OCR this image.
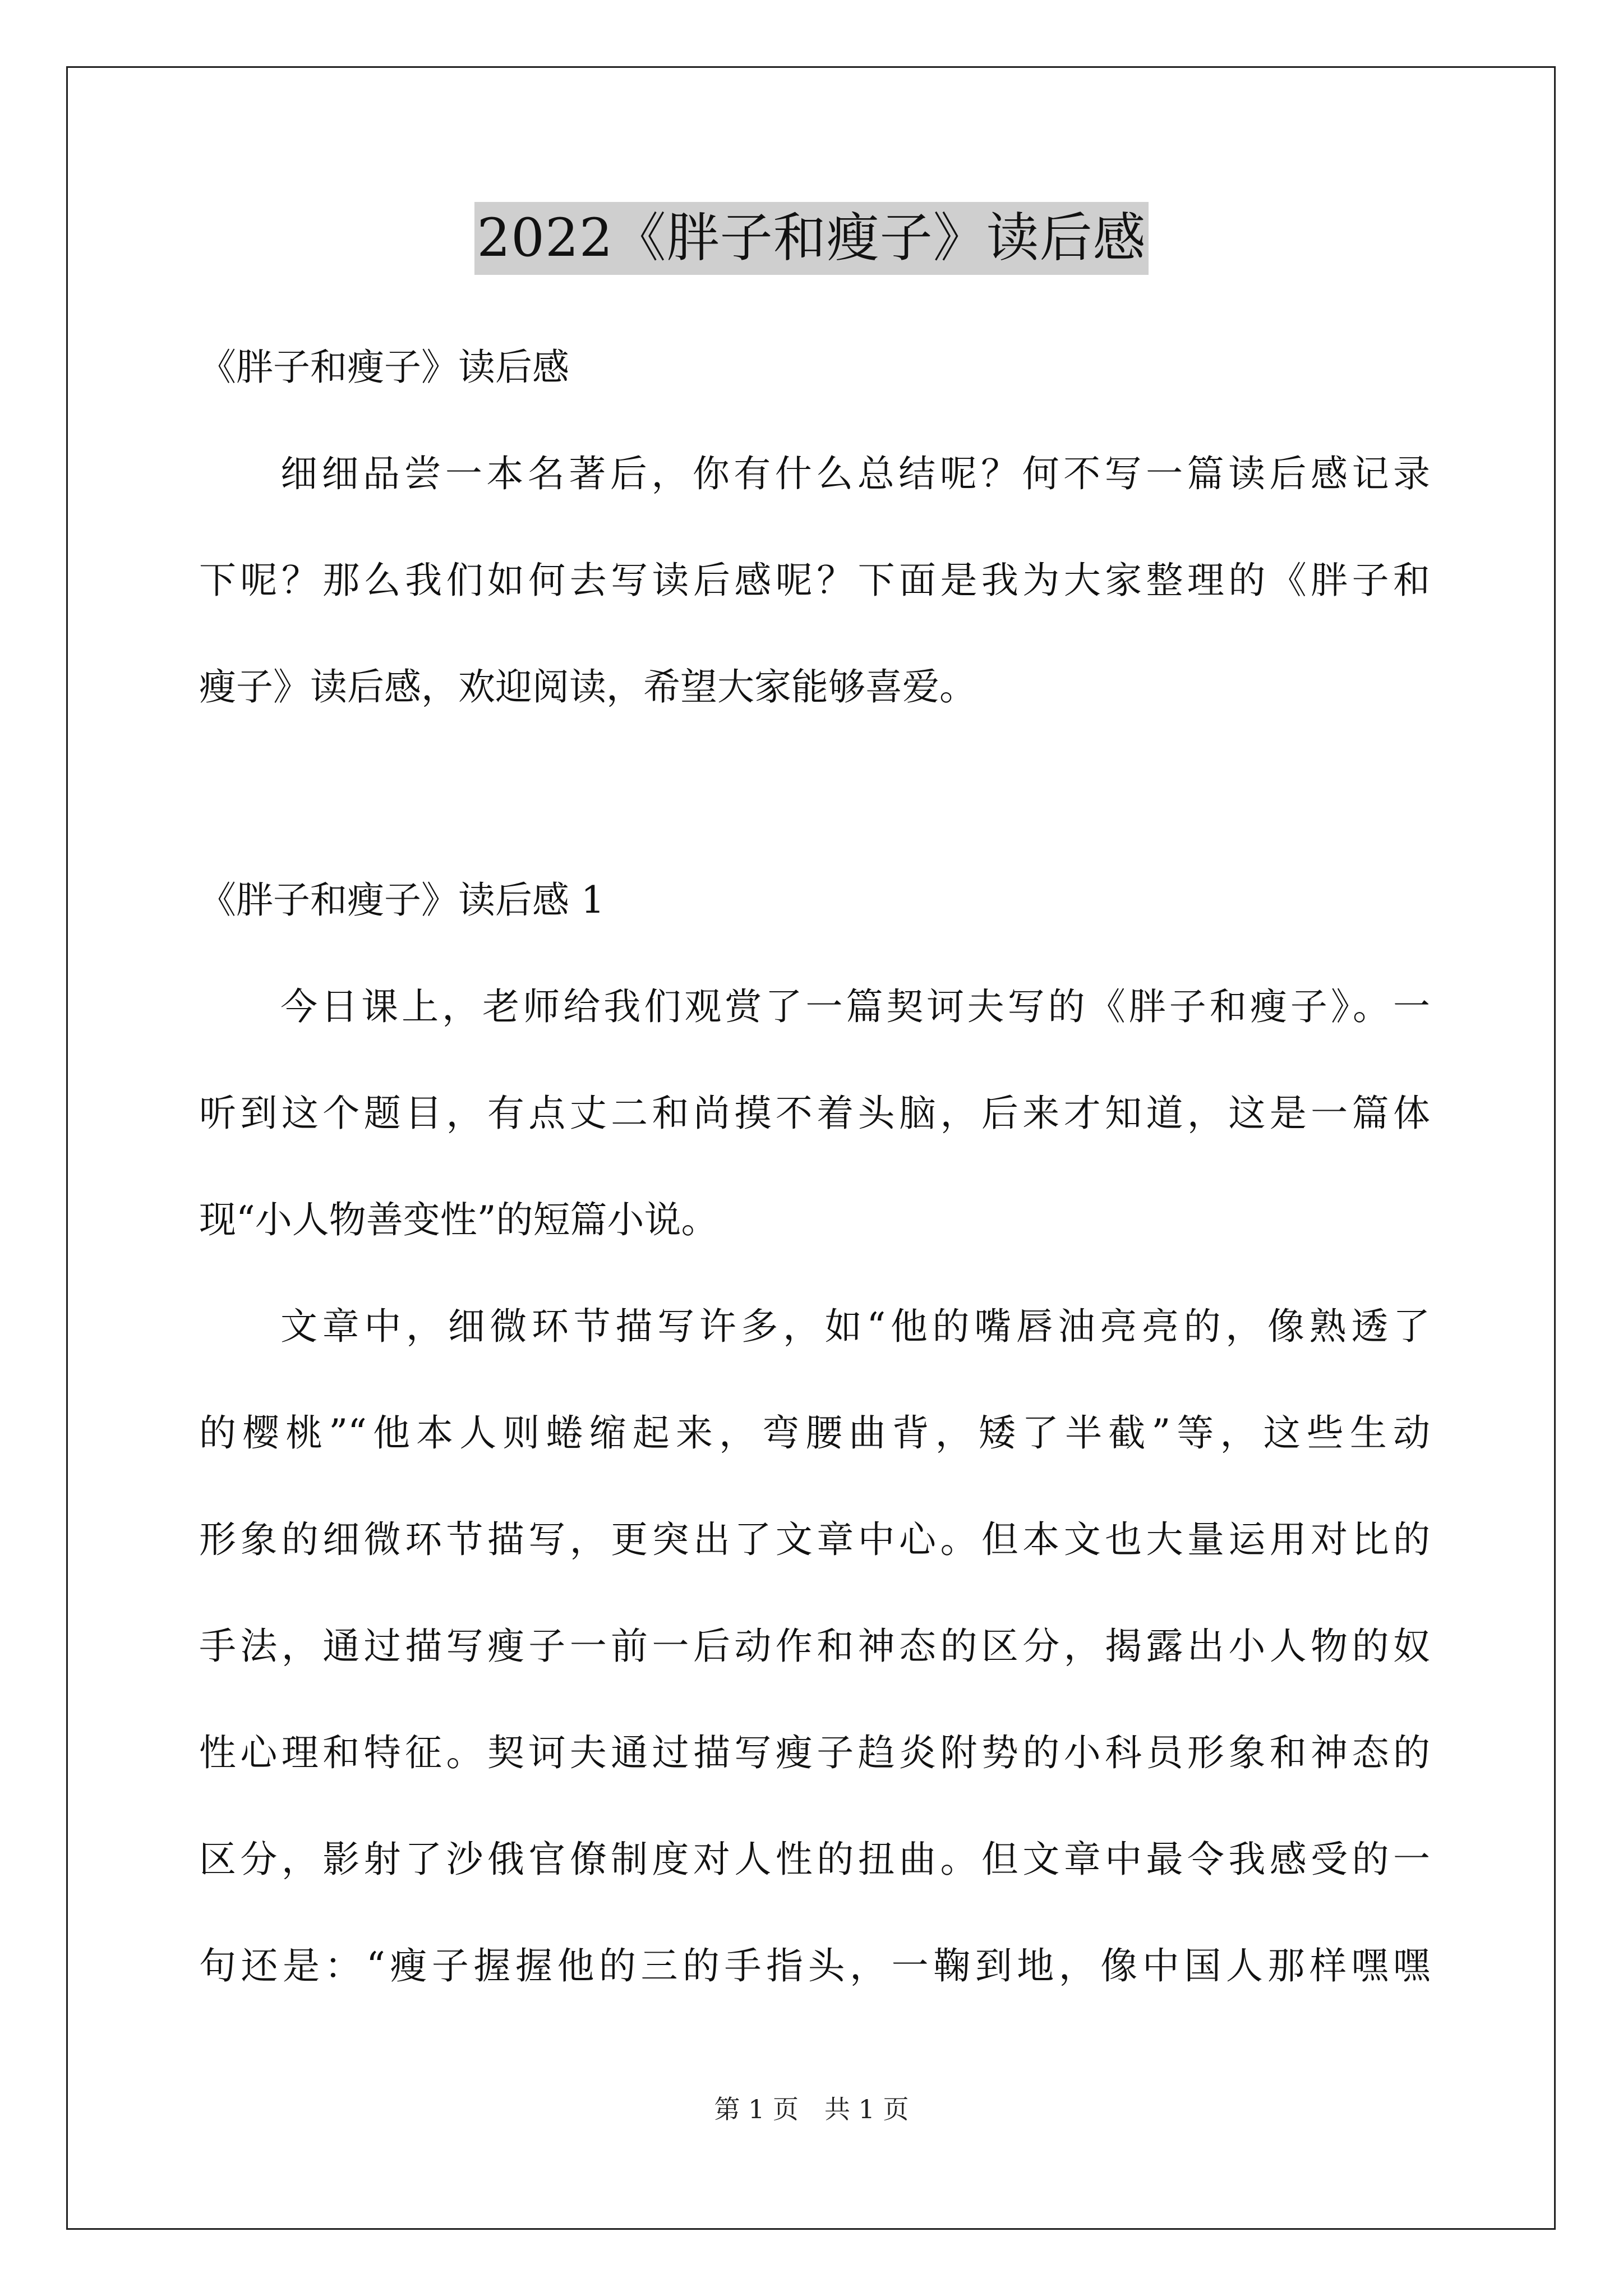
2022《胖子和瘦子》读后感
《胖子和瘦子》读后感
细细品尝一本名著后，你有什么总结呢？何不写一篇读后感记录
下呢？那么我们如何去写读后感呢？下面是我为大家整理的《胖子和
瘦子》读后感，欢迎阅读，希望大家能够喜爱。
《胖子和瘦子》读后感 1
今日课上，老师给我们观赏了一篇契诃夫写的《胖子和瘦子》。一
听到这个题目，有点丈二和尚摸不着头脑，后来才知道，这是一篇体
现“小人物善变性”的短篇小说。
文章中，细微环节描写许多，如“他的嘴唇油亮亮的，像熟透了
的樱桃”“他本人则蜷缩起来，弯腰曲背，矮了半截”等，这些生动
形象的细微环节描写，更突出了文章中心。但本文也大量运用对比的
手法，通过描写瘦子一前一后动作和神态的区分，揭露出小人物的奴
性心理和特征。契诃夫通过描写瘦子趋炎附势的小科员形象和神态的
区分，影射了沙俄官僚制度对人性的扭曲。但文章中最令我感受的一
句还是：“瘦子握握他的三的手指头，一鞠到地，像中国人那样嘿嘿
第 1 页　共 1 页
